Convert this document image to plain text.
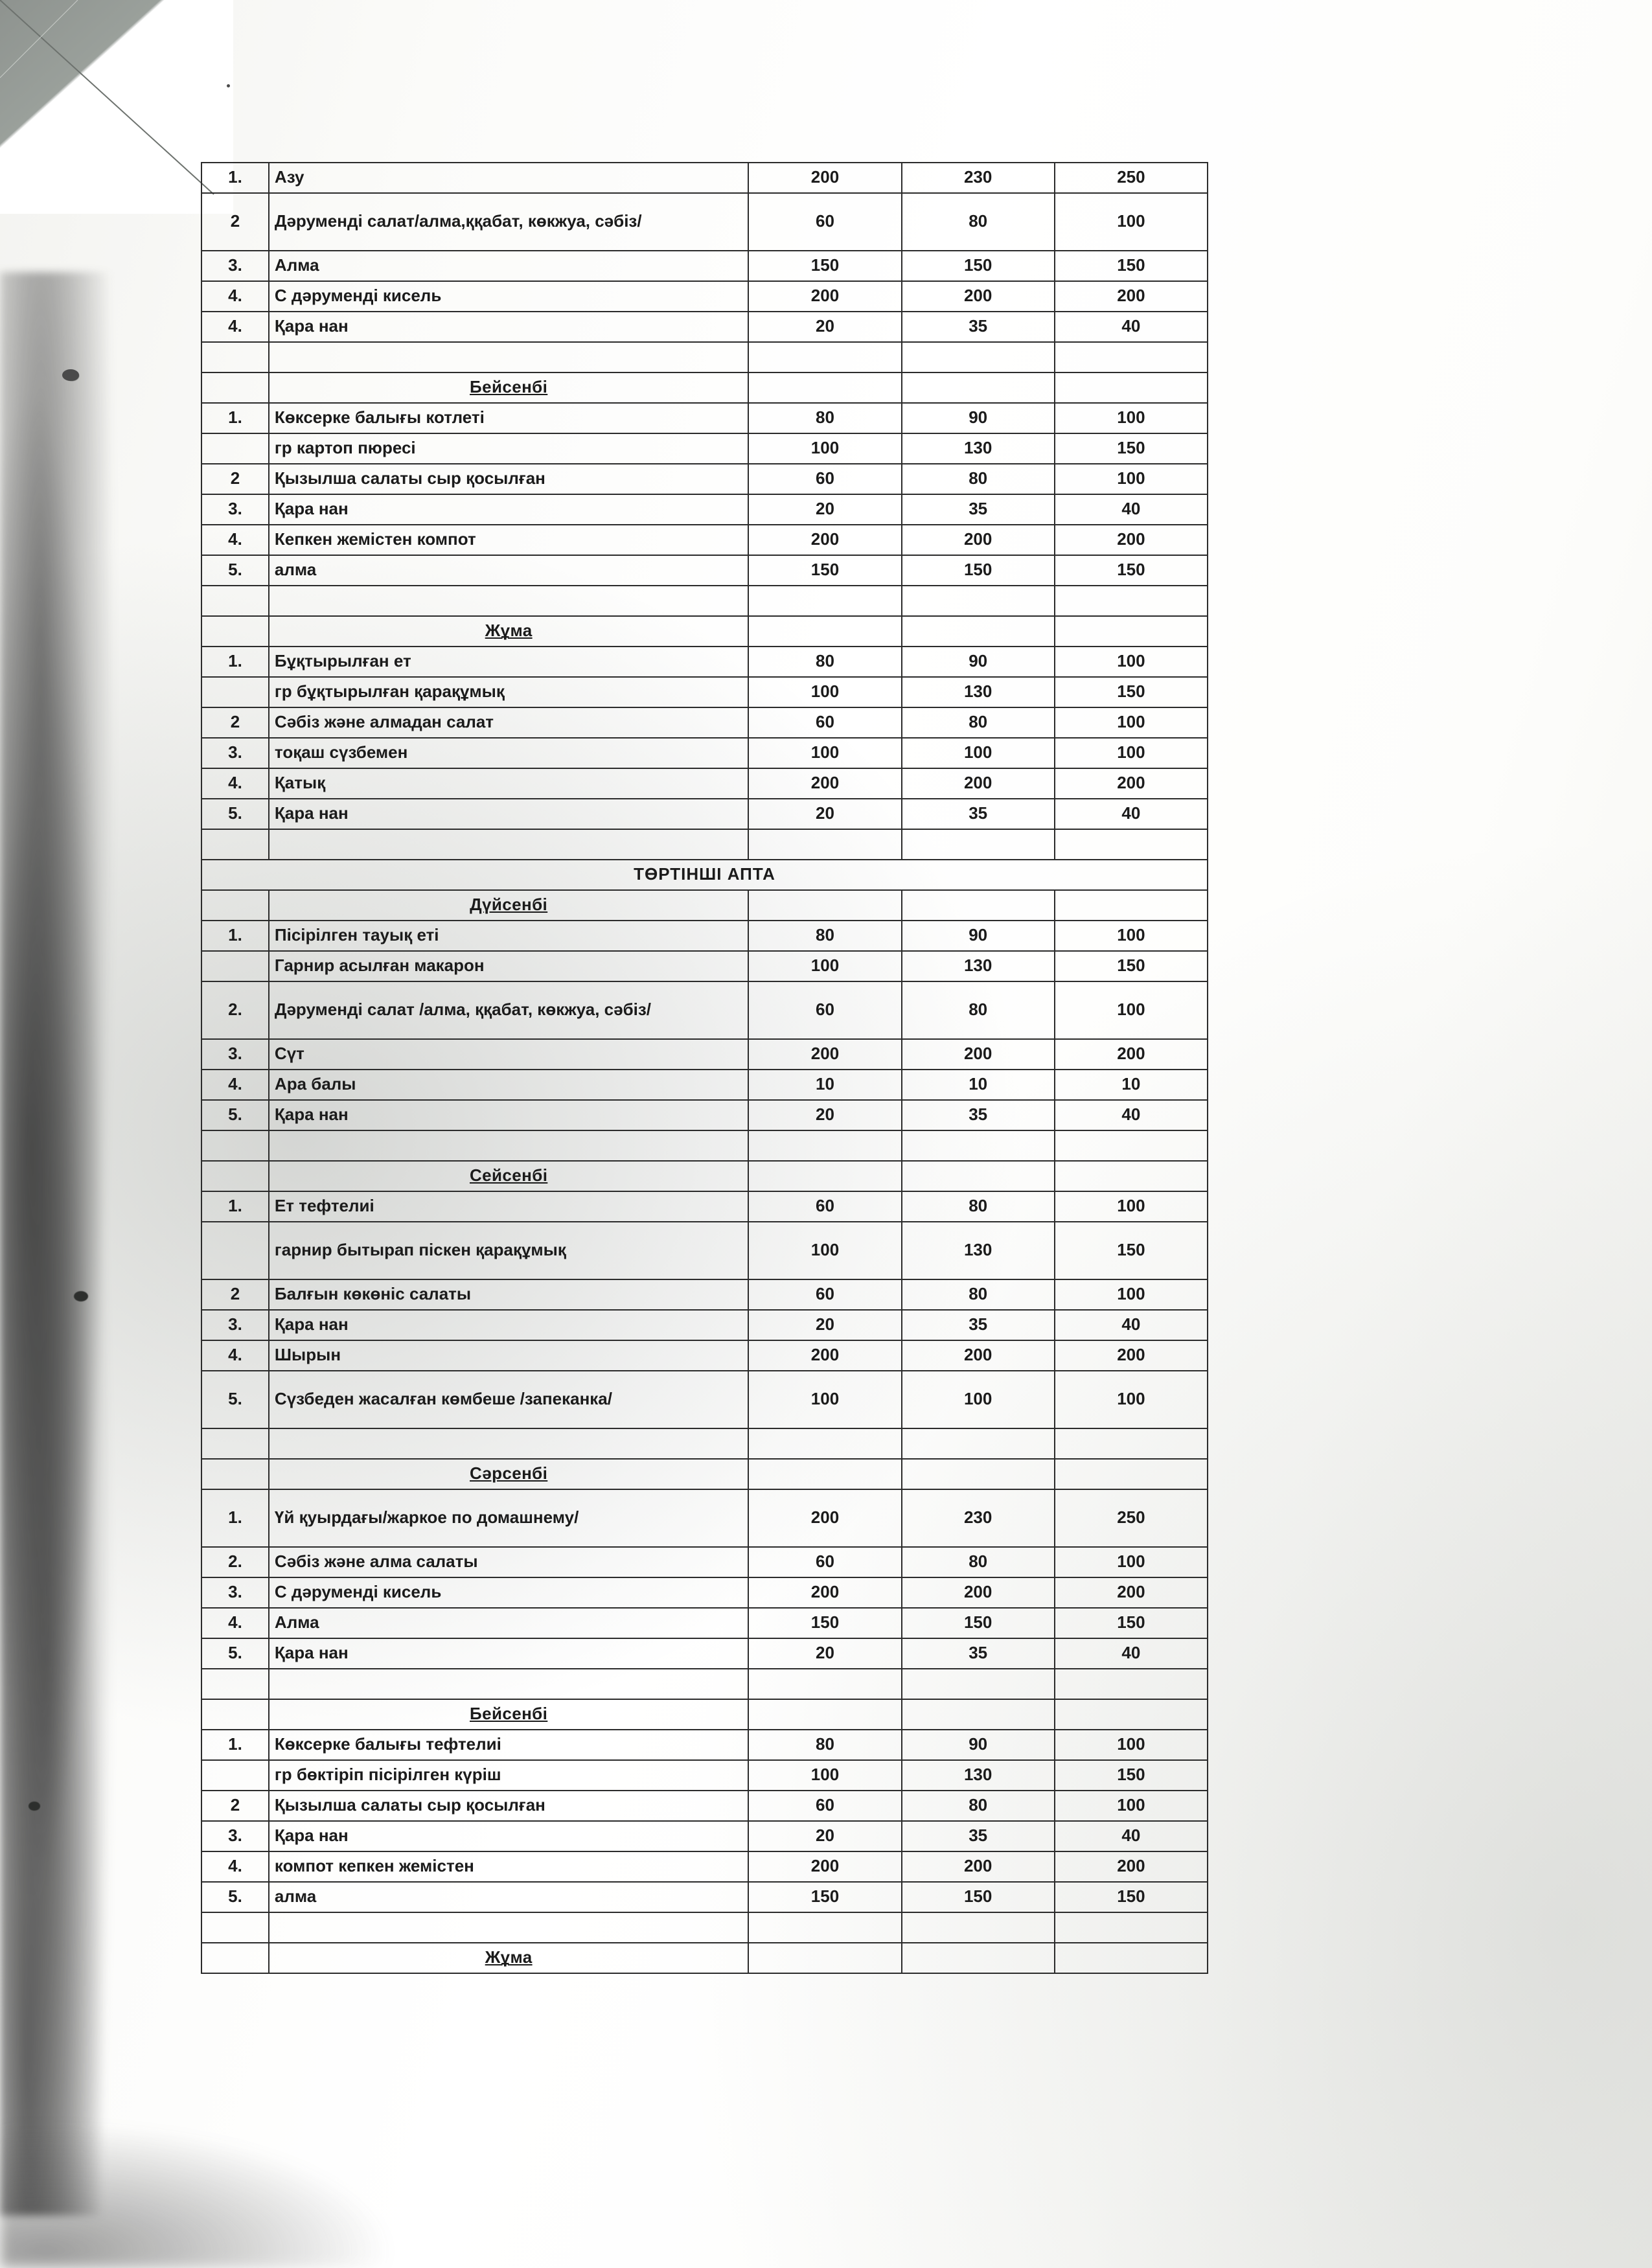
1.	Азу	200	230	250
2	Дәруменді салат/алма,ққабат, көкжуа, сәбіз/	60	80	100
3.	Алма	150	150	150
4.	С дәруменді кисель	200	200	200
4.	Қара нан	20	35	40

	Бейсенбі			
1.	Көксерке балығы котлеті	80	90	100
	гр картоп пюресі	100	130	150
2	Қызылша салаты сыр қосылған	60	80	100
3.	Қара нан	20	35	40
4.	Кепкен жемістен компот	200	200	200
5.	алма	150	150	150

	Жұма			
1.	Бұқтырылған ет	80	90	100
	гр бұқтырылған қарақұмық	100	130	150
2	Сәбіз және алмадан салат	60	80	100
3.	тоқаш сүзбемен	100	100	100
4.	Қатық	200	200	200
5.	Қара нан	20	35	40

ТӨРТІНШІ АПТА				
	Дүйсенбі			
1.	Пісірілген тауық еті	80	90	100
	Гарнир асылған макарон	100	130	150
2.	Дәруменді салат /алма, ққабат, көкжуа, сәбіз/	60	80	100
3.	Сүт	200	200	200
4.	Ара балы	10	10	10
5.	Қара нан	20	35	40

	Сейсенбі			
1.	Ет тефтелиі	60	80	100
	гарнир бытырап піскен қарақұмық	100	130	150
2	Балғын көкөніс салаты	60	80	100
3.	Қара нан	20	35	40
4.	Шырын	200	200	200
5.	Сүзбеден жасалған көмбеше /запеканка/	100	100	100

	Сәрсенбі			
1.	Үй қуырдағы/жаркое по домашнему/	200	230	250
2.	Сәбіз және алма салаты	60	80	100
3.	С дәруменді кисель	200	200	200
4.	Алма	150	150	150
5.	Қара нан	20	35	40

	Бейсенбі			
1.	Көксерке балығы тефтелиі	80	90	100
	гр бөктіріп пісірілген күріш	100	130	150
2	Қызылша салаты сыр қосылған	60	80	100
3.	Қара нан	20	35	40
4.	компот кепкен жемістен	200	200	200
5.	алма	150	150	150

	Жұма			
